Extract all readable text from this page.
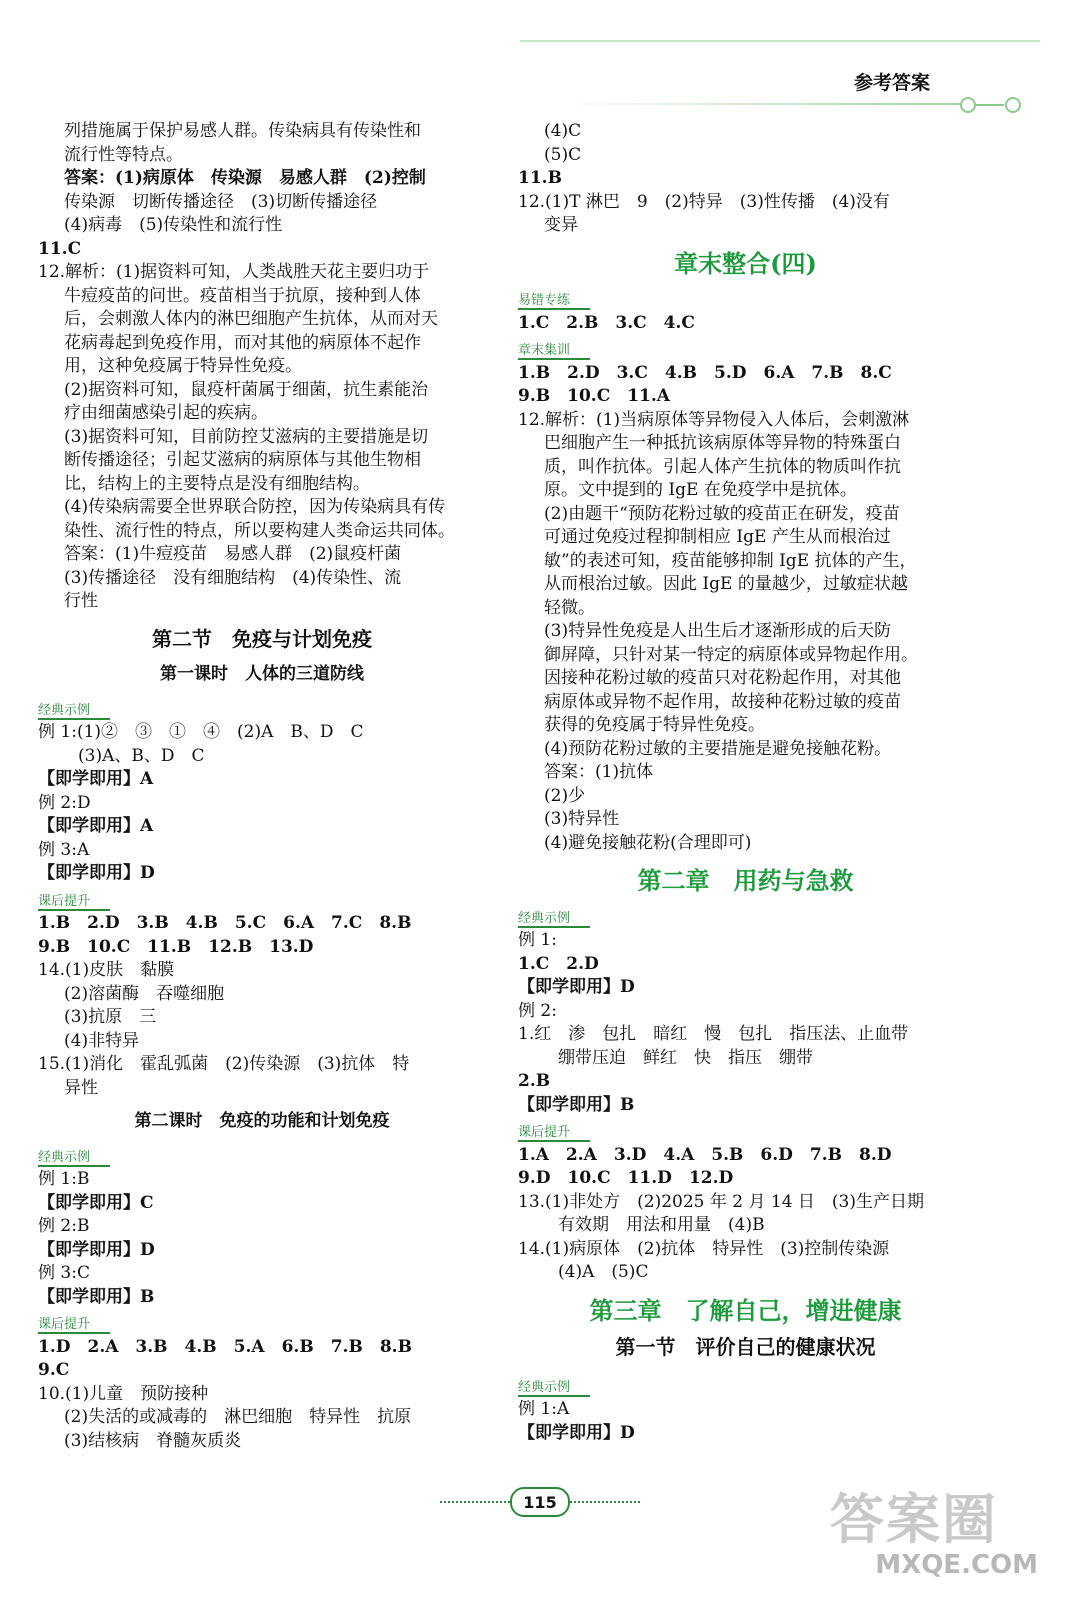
参考答案

列措施属于保护易感人群。传染病具有传染性和

流行性等特点。

答案：(1)病原体　传染源　易感人群　(2)控制

传染源　切断传播途径　(3)切断传播途径

(4)病毒　(5)传染性和流行性

11.C

12.解析：(1)据资料可知，人类战胜天花主要归功于

牛痘疫苗的问世。疫苗相当于抗原，接种到人体

后，会刺激人体内的淋巴细胞产生抗体，从而对天

花病毒起到免疫作用，而对其他的病原体不起作

用，这种免疫属于特异性免疫。

(2)据资料可知，鼠疫杆菌属于细菌，抗生素能治

疗由细菌感染引起的疾病。

(3)据资料可知，目前防控艾滋病的主要措施是切

断传播途径；引起艾滋病的病原体与其他生物相

比，结构上的主要特点是没有细胞结构。

(4)传染病需要全世界联合防控，因为传染病具有传

染性、流行性的特点，所以要构建人类命运共同体。

答案：(1)牛痘疫苗　易感人群　(2)鼠疫杆菌

(3)传播途径　没有细胞结构　(4)传染性、流

行性

第二节　免疫与计划免疫
第一课时　人体的三道防线
经典示例

例 1:(1)②　③　①　④　(2)A　B、D　C

(3)A、B、D　C

【即学即用】A

例 2:D

【即学即用】A

例 3:A

【即学即用】D

课后提升

1.B　2.D　3.B　4.B　5.C　6.A　7.C　8.B

9.B　10.C　11.B　12.B　13.D

14.(1)皮肤　黏膜

(2)溶菌酶　吞噬细胞

(3)抗原　三

(4)非特异

15.(1)消化　霍乱弧菌　(2)传染源　(3)抗体　特

异性

第二课时　免疫的功能和计划免疫
经典示例

例 1:B

【即学即用】C

例 2:B

【即学即用】D

例 3:C

【即学即用】B

课后提升

1.D　2.A　3.B　4.B　5.A　6.B　7.B　8.B

9.C

10.(1)儿童　预防接种

(2)失活的或减毒的　淋巴细胞　特异性　抗原

(3)结核病　脊髓灰质炎

(4)C

(5)C

11.B

12.(1)T 淋巴　9　(2)特异　(3)性传播　(4)没有

变异

章末整合(四)
易错专练

1.C　2.B　3.C　4.C

章末集训

1.B　2.D　3.C　4.B　5.D　6.A　7.B　8.C

9.B　10.C　11.A

12.解析：(1)当病原体等异物侵入人体后，会刺激淋

巴细胞产生一种抵抗该病原体等异物的特殊蛋白

质，叫作抗体。引起人体产生抗体的物质叫作抗

原。文中提到的 IgE 在免疫学中是抗体。

(2)由题干“预防花粉过敏的疫苗正在研发，疫苗

可通过免疫过程抑制相应 IgE 产生从而根治过

敏”的表述可知，疫苗能够抑制 IgE 抗体的产生，

从而根治过敏。因此 IgE 的量越少，过敏症状越

轻微。

(3)特异性免疫是人出生后才逐渐形成的后天防

御屏障，只针对某一特定的病原体或异物起作用。

因接种花粉过敏的疫苗只对花粉起作用，对其他

病原体或异物不起作用，故接种花粉过敏的疫苗

获得的免疫属于特异性免疫。

(4)预防花粉过敏的主要措施是避免接触花粉。

答案：(1)抗体

(2)少

(3)特异性

(4)避免接触花粉(合理即可)

第二章　用药与急救
经典示例

例 1:

1.C　2.D

【即学即用】D

例 2:

1.红　渗　包扎　暗红　慢　包扎　指压法、止血带

绷带压迫　鲜红　快　指压　绷带

2.B

【即学即用】B

课后提升

1.A　2.A　3.D　4.A　5.B　6.D　7.B　8.D

9.D　10.C　11.D　12.D

13.(1)非处方　(2)2025 年 2 月 14 日　(3)生产日期

有效期　用法和用量　(4)B

14.(1)病原体　(2)抗体　特异性　(3)控制传染源

(4)A　(5)C

第三章　了解自己，增进健康
第一节　评价自己的健康状况
经典示例

例 1:A

【即学即用】D

115	答案圈
MXQE.COM
